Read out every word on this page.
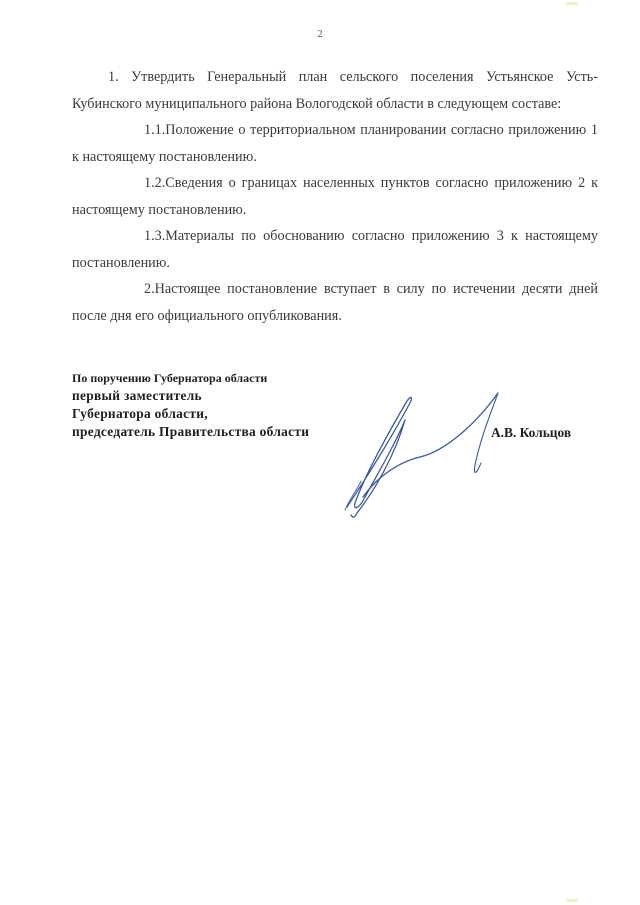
2

1. Утвердить Генеральный план сельского поселения Устьянское Усть-Кубинского муниципального района Вологодской области в следующем составе:

1.1.Положение о территориальном планировании согласно приложению 1 к настоящему постановлению.

1.2.Сведения о границах населенных пунктов согласно приложению 2 к настоящему постановлению.

1.3.Материалы по обоснованию согласно приложению 3 к настоящему постановлению.

2.Настоящее постановление вступает в силу по истечении десяти дней после дня его официального опубликования.

По поручению Губернатора области
первый заместитель
Губернатора области,
председатель Правительства области	А.В. Кольцов
